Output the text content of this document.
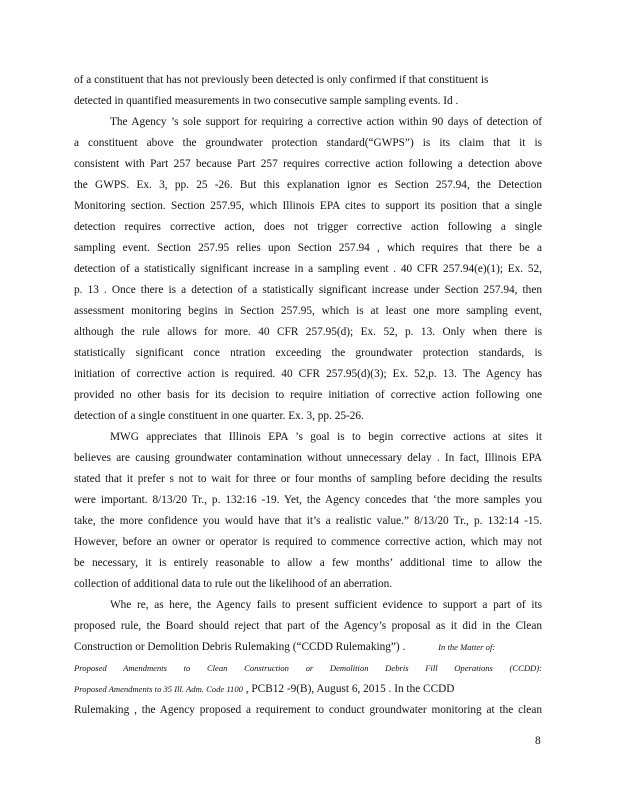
of a constituent that has not previously been detected is only confirmed if that constituent is
detected in quantified measurements in two consecutive sample sampling events. Id .
The Agency ’s sole support for requiring a corrective action within 90 days of detection of
a constituent above the groundwater protection standard(“GWPS”) is its claim that it is
consistent with Part 257 because Part 257 requires corrective action following a detection above
the GWPS. Ex. 3, pp. 25 -26. But this explanation ignor es Section 257.94, the Detection
Monitoring section. Section 257.95, which Illinois EPA cites to support its position that a single
detection requires corrective action, does not trigger corrective action following a single
sampling event. Section 257.95 relies upon Section 257.94 , which requires that there be a
detection of a statistically significant increase in a sampling event . 40 CFR 257.94(e)(1); Ex. 52,
p. 13 . Once there is a detection of a statistically significant increase under Section 257.94, then
assessment monitoring begins in Section 257.95, which is at least one more sampling event,
although the rule allows for more. 40 CFR 257.95(d); Ex. 52, p. 13. Only when there is
statistically significant conce ntration exceeding the groundwater protection standards, is
initiation of corrective action is required. 40 CFR 257.95(d)(3); Ex. 52,p. 13. The Agency has
provided no other basis for its decision to require initiation of corrective action following one
detection of a single constituent in one quarter. Ex. 3, pp. 25-26.
MWG appreciates that Illinois EPA ’s goal is to begin corrective actions at sites it
believes are causing groundwater contamination without unnecessary delay . In fact, Illinois EPA
stated that it prefer s not to wait for three or four months of sampling before deciding the results
were important. 8/13/20 Tr., p. 132:16 -19. Yet, the Agency concedes that ‘the more samples you
take, the more confidence you would have that it’s a realistic value.” 8/13/20 Tr., p. 132:14 -15.
However, before an owner or operator is required to commence corrective action, which may not
be necessary, it is entirely reasonable to allow a few months’ additional time to allow the
collection of additional data to rule out the likelihood of an aberration.
Whe re, as here, the Agency fails to present sufficient evidence to support a part of its
proposed rule, the Board should reject that part of the Agency’s proposal as it did in the Clean
Construction or Demolition Debris Rulemaking (“CCDD Rulemaking”) .	In the Matter of:
Proposed Amendments to Clean Construction or Demolition Debris Fill Operations (CCDD):
Proposed Amendments to 35 Ill. Adm. Code 1100 , PCB12 -9(B), August 6, 2015 . In the CCDD
Rulemaking , the Agency proposed a requirement to conduct groundwater monitoring at the clean
8
